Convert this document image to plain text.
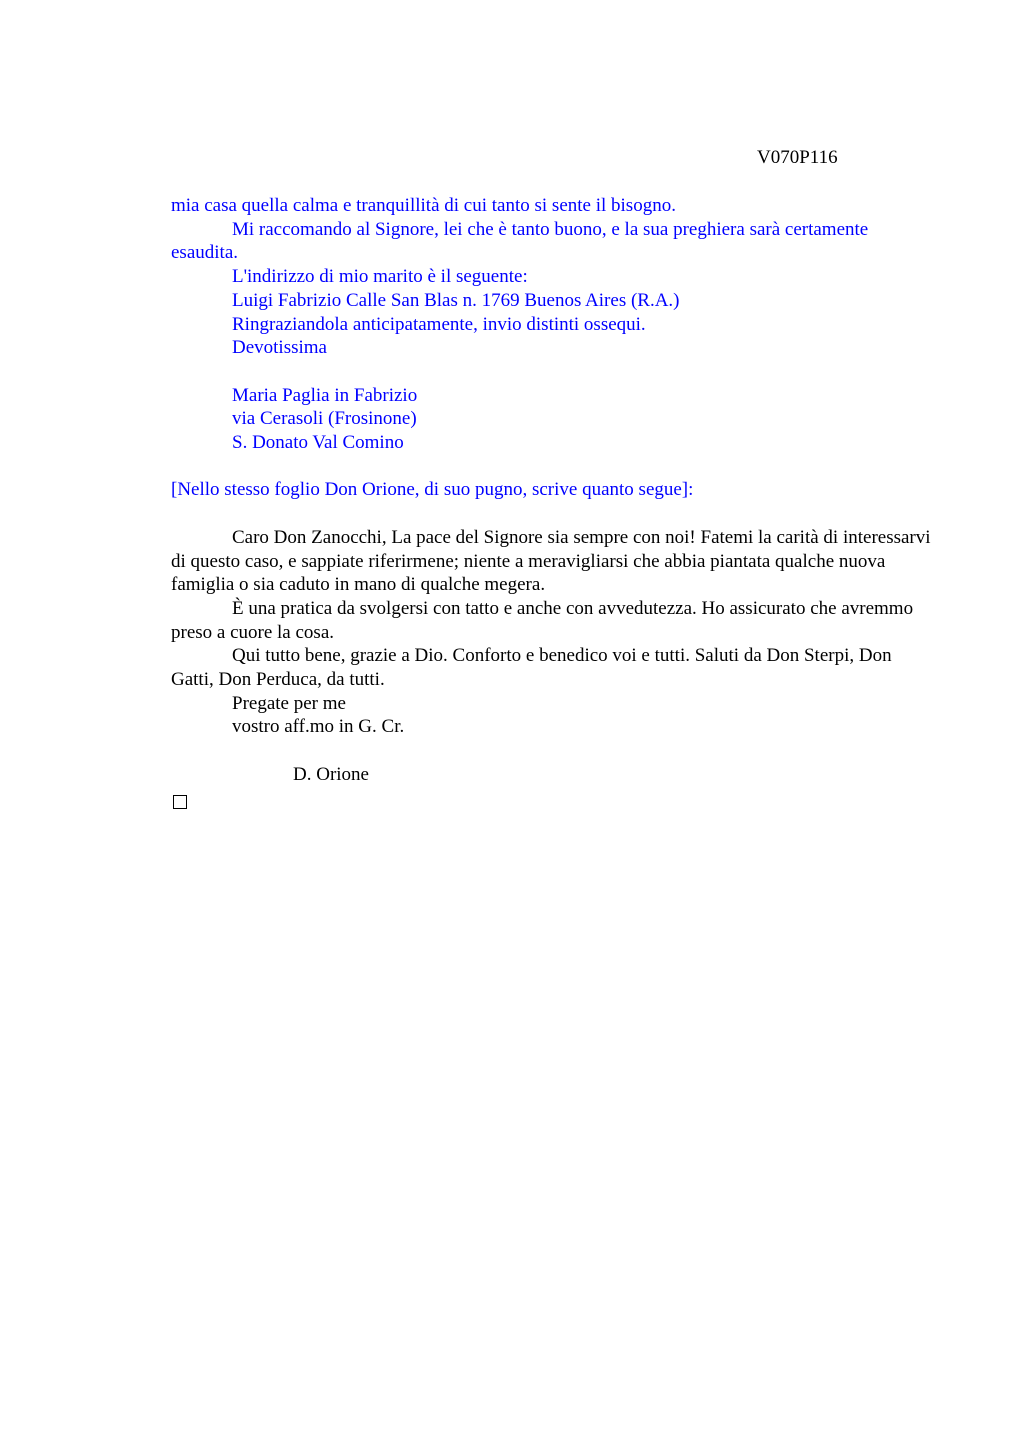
V070P116

mia casa quella calma e tranquillità di cui tanto si sente il bisogno.

Mi raccomando al Signore, lei che è tanto buono, e la sua preghiera sarà certamente esaudita.

L'indirizzo di mio marito è il seguente:

Luigi Fabrizio Calle San Blas n. 1769 Buenos Aires (R.A.)

Ringraziandola anticipatamente, invio distinti ossequi.

Devotissima

Maria Paglia in Fabrizio

via Cerasoli (Frosinone)

S. Donato Val Comino

[Nello stesso foglio Don Orione, di suo pugno, scrive quanto segue]:

Caro Don Zanocchi, La pace del Signore sia sempre con noi! Fatemi la carità di interessarvi di questo caso, e sappiate riferirmene; niente a meravigliarsi che abbia piantata qualche nuova famiglia o sia caduto in mano di qualche megera.

È una pratica da svolgersi con tatto e anche con avvedutezza. Ho assicurato che avremmo preso a cuore la cosa.

Qui tutto bene, grazie a Dio. Conforto e benedico voi e tutti. Saluti da Don Sterpi, Don Gatti, Don Perduca, da tutti.

Pregate per me

vostro aff.mo in G. Cr.

D. Orione
